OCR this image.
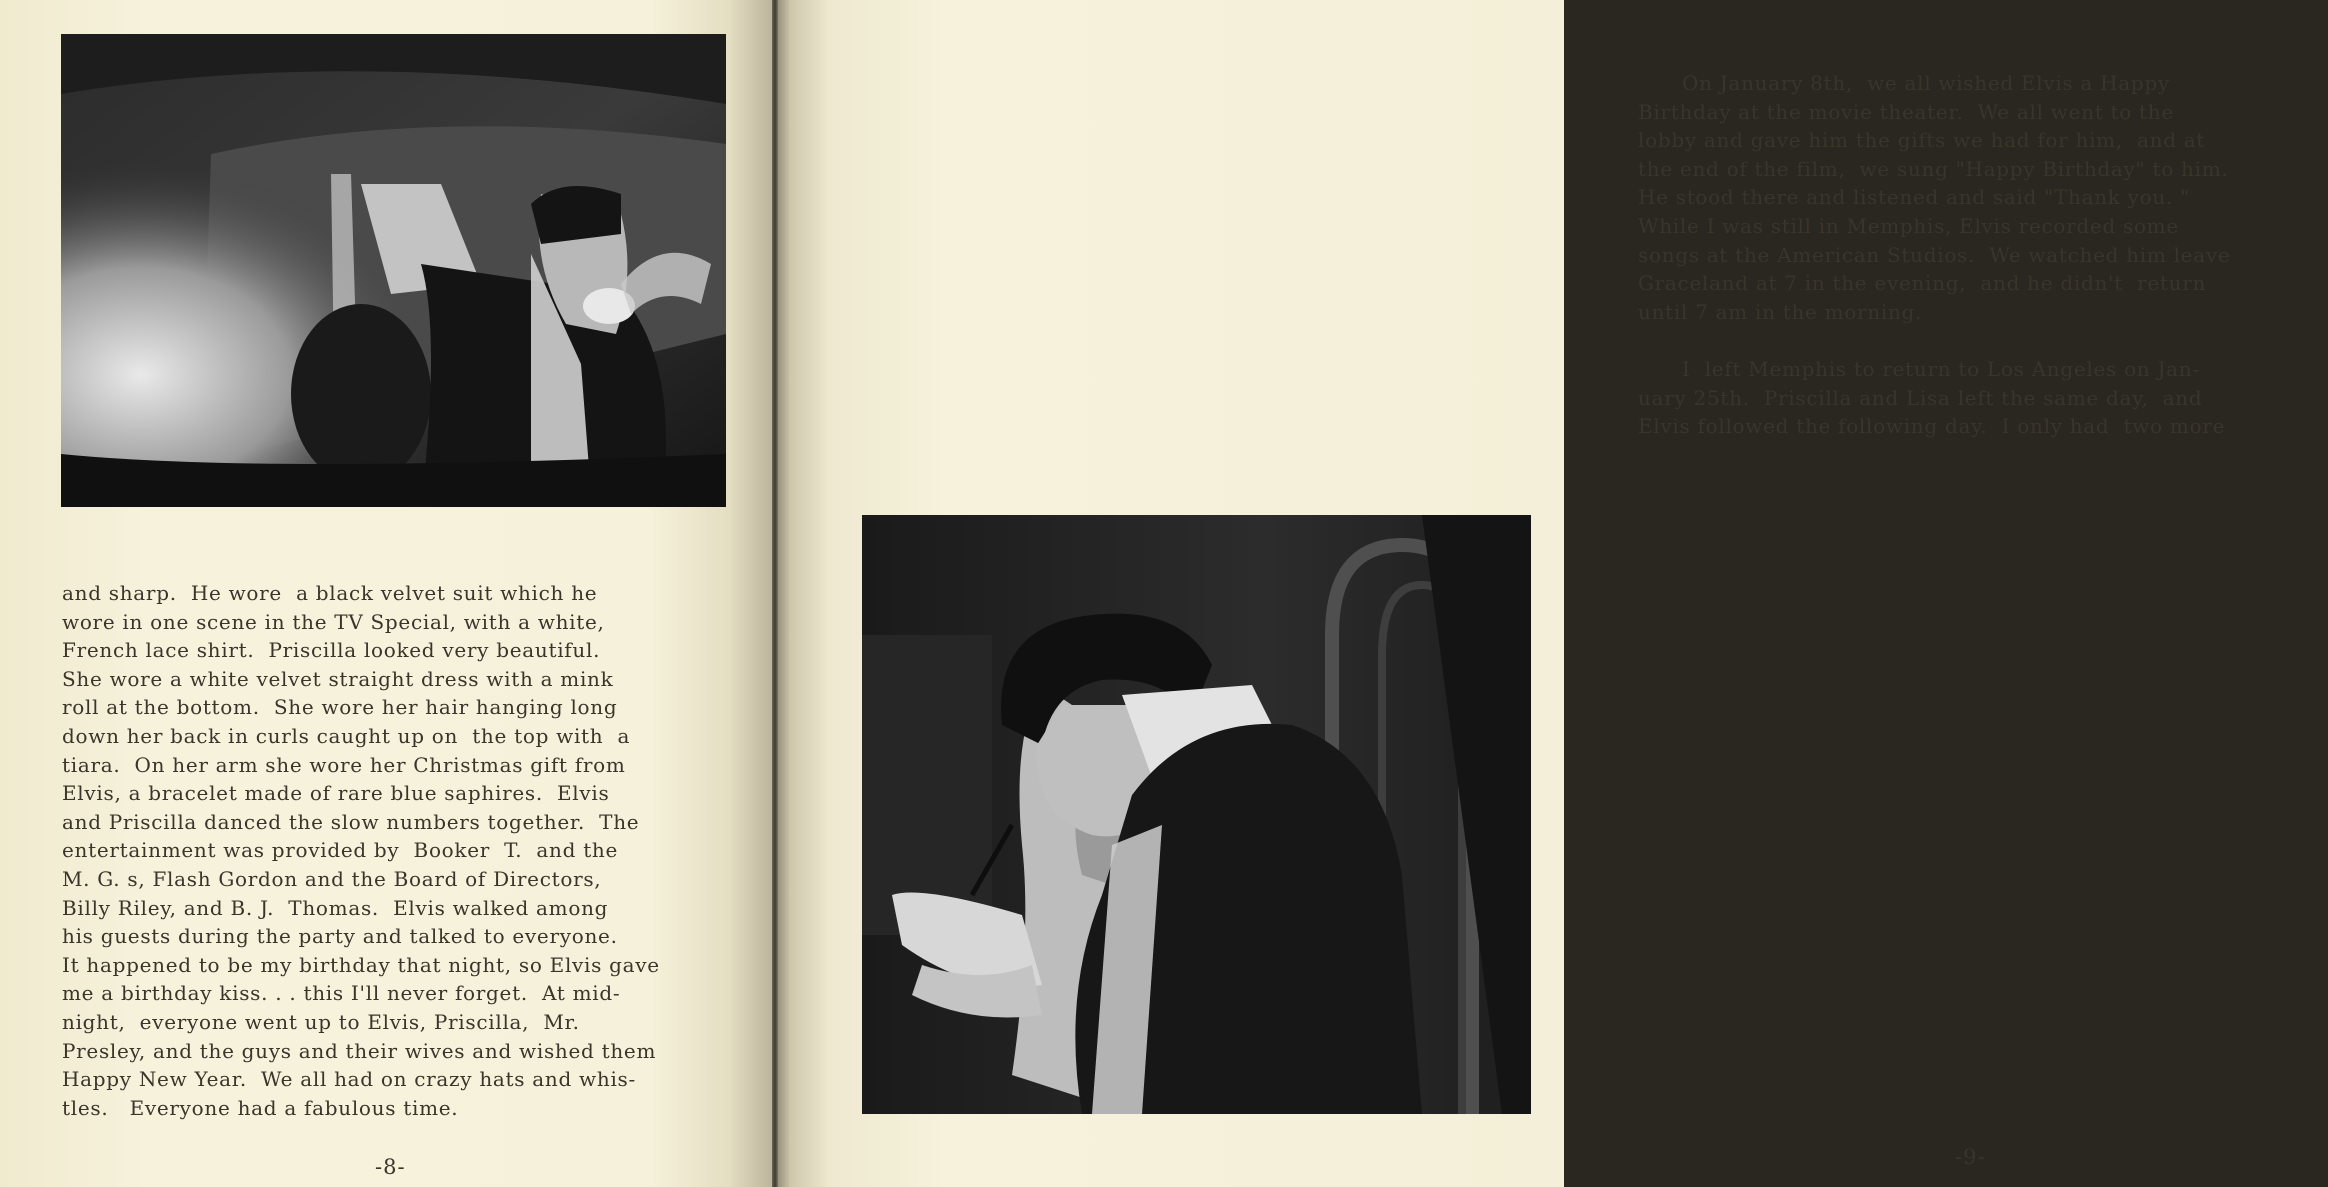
and sharp.  He wore  a black velvet suit which he
wore in one scene in the TV Special, with a white,
French lace shirt.  Priscilla looked very beautiful.
She wore a white velvet straight dress with a mink
roll at the bottom.  She wore her hair hanging long
down her back in curls caught up on  the top with  a
tiara.  On her arm she wore her Christmas gift from
Elvis, a bracelet made of rare blue saphires.  Elvis
and Priscilla danced the slow numbers together.  The
entertainment was provided by  Booker  T.  and the
M. G. s, Flash Gordon and the Board of Directors,
Billy Riley, and B. J.  Thomas.  Elvis walked among
his guests during the party and talked to everyone.
It happened to be my birthday that night, so Elvis gave
me a birthday kiss. . . this I'll never forget.  At mid-
night,  everyone went up to Elvis, Priscilla,  Mr.
Presley, and the guys and their wives and wished them
Happy New Year.  We all had on crazy hats and whis-
tles.   Everyone had a fabulous time.
-8-
On January 8th,  we all wished Elvis a Happy
Birthday at the movie theater.  We all went to the
lobby and gave him the gifts we had for him,  and at
the end of the film,  we sung "Happy Birthday" to him.
He stood there and listened and said "Thank you. "
While I was still in Memphis, Elvis recorded some
songs at the American Studios.  We watched him leave
Graceland at 7 in the evening,  and he didn't  return
until 7 am in the morning.
I  left Memphis to return to Los Angeles on Jan-
uary 25th.  Priscilla and Lisa left the same day,  and
Elvis followed the following day.  I only had  two more
-9-
